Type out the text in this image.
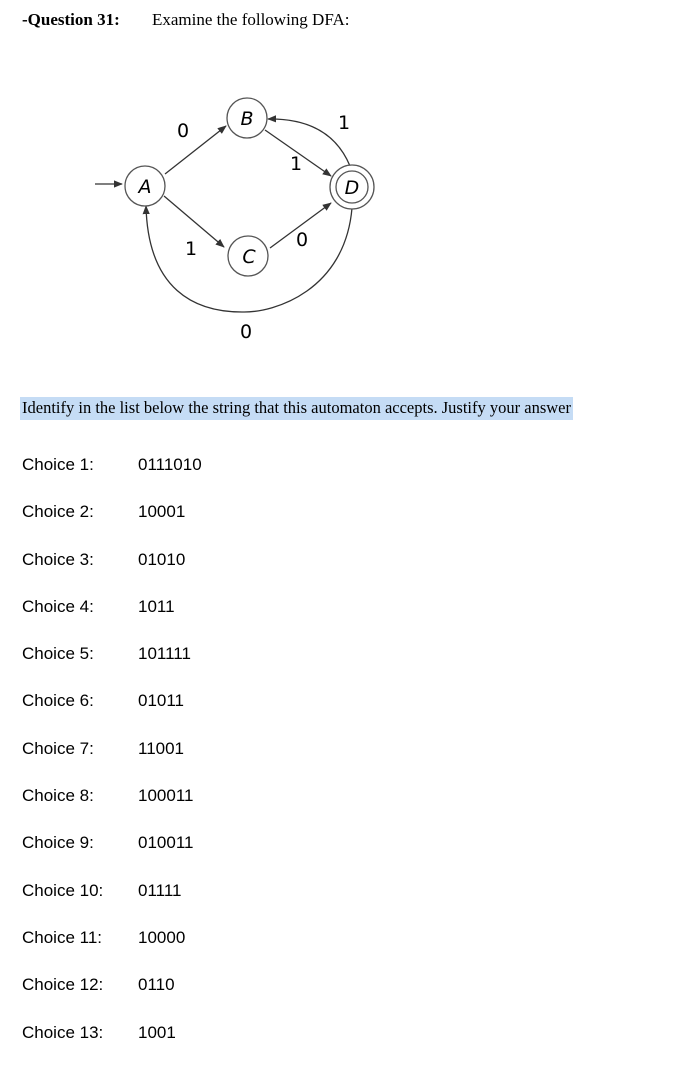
-Question 31: Examine the following DFA:
0
1
1
1
0
0
A
B
C
D
Identify in the list below the string that this automaton accepts. Justify your answer
Choice 1:	0111010
Choice 2:	10001
Choice 3:	01010
Choice 4:	1011
Choice 5:	101111
Choice 6:	01011
Choice 7:	11001
Choice 8:	100011
Choice 9:	010011
Choice 10:	01111
Choice 11:	10000
Choice 12:	0110
Choice 13:	1001
